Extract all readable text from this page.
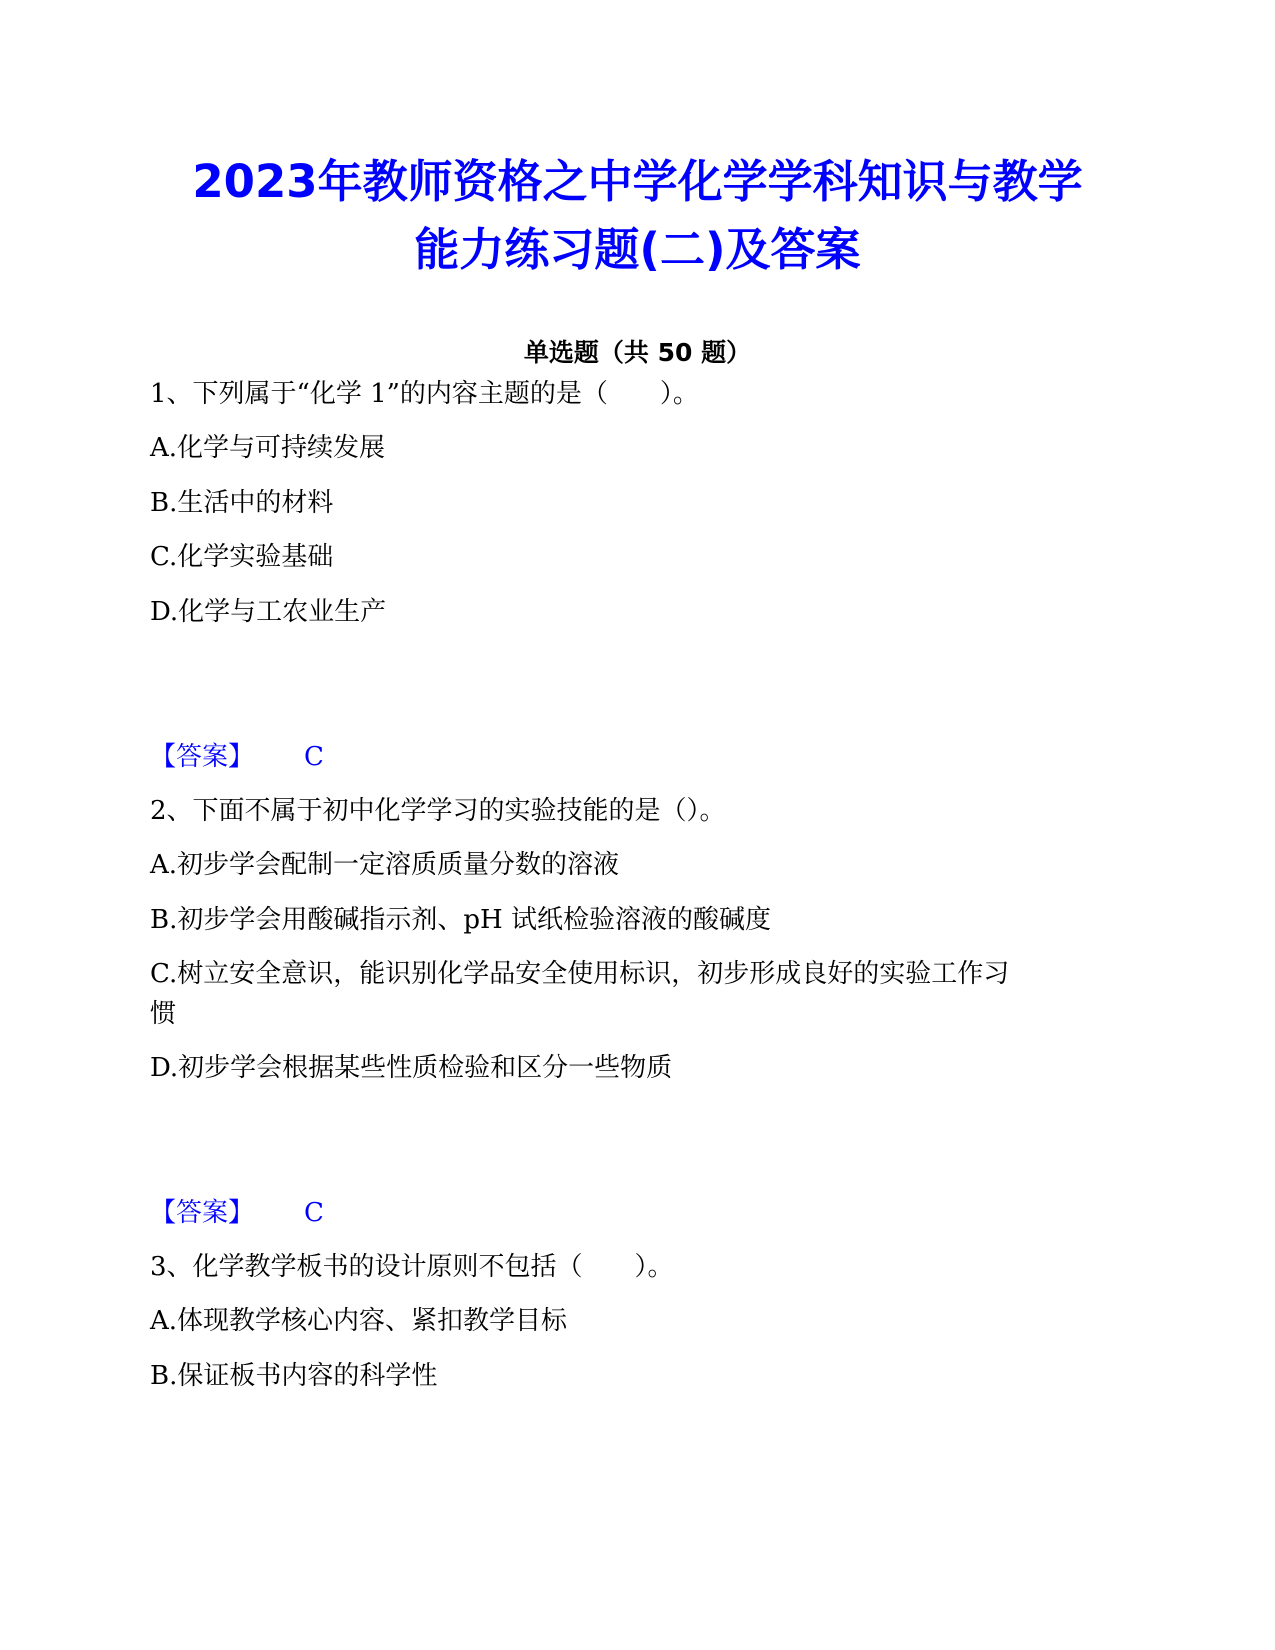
2023年教师资格之中学化学学科知识与教学
能力练习题(二)及答案
单选题（共 50 题）
1、下列属于“化学 1”的内容主题的是（　　）。
A.化学与可持续发展
B.生活中的材料
C.化学实验基础
D.化学与工农业生产
【答案】 C
2、下面不属于初中化学学习的实验技能的是（）。
A.初步学会配制一定溶质质量分数的溶液
B.初步学会用酸碱指示剂、pH 试纸检验溶液的酸碱度
C.树立安全意识，能识别化学品安全使用标识，初步形成良好的实验工作习
惯
D.初步学会根据某些性质检验和区分一些物质
【答案】 C
3、化学教学板书的设计原则不包括（　　）。
A.体现教学核心内容、紧扣教学目标
B.保证板书内容的科学性
